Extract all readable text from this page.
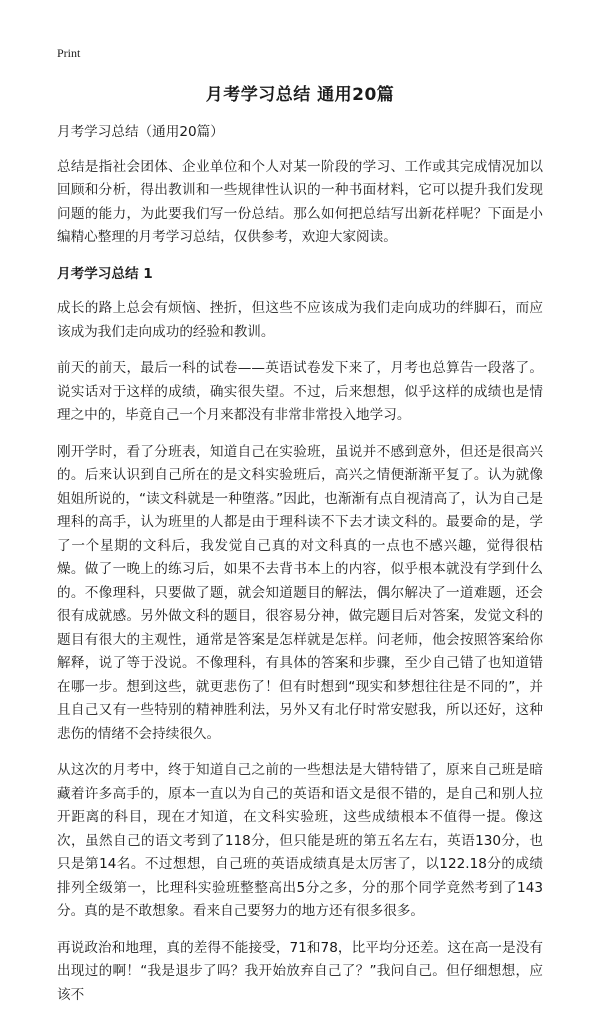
Print
月考学习总结 通用20篇

月考学习总结（通用20篇）

总结是指社会团体、企业单位和个人对某一阶段的学习、工作或其完成情况加以回顾和分析，得出教训和一些规律性认识的一种书面材料，它可以提升我们发现问题的能力，为此要我们写一份总结。那么如何把总结写出新花样呢？下面是小编精心整理的月考学习总结，仅供参考，欢迎大家阅读。

月考学习总结 1

成长的路上总会有烦恼、挫折，但这些不应该成为我们走向成功的绊脚石，而应该成为我们走向成功的经验和教训。

前天的前天，最后一科的试卷——英语试卷发下来了，月考也总算告一段落了。说实话对于这样的成绩，确实很失望。不过，后来想想，似乎这样的成绩也是情理之中的，毕竟自己一个月来都没有非常非常投入地学习。

刚开学时，看了分班表，知道自己在实验班，虽说并不感到意外，但还是很高兴的。后来认识到自己所在的是文科实验班后，高兴之情便渐渐平复了。认为就像姐姐所说的，“读文科就是一种堕落。”因此，也渐渐有点自视清高了，认为自己是理科的高手，认为班里的人都是由于理科读不下去才读文科的。最要命的是，学了一个星期的文科后，我发觉自己真的对文科真的一点也不感兴趣，觉得很枯燥。做了一晚上的练习后，如果不去背书本上的内容，似乎根本就没有学到什么的。不像理科，只要做了题，就会知道题目的解法，偶尔解决了一道难题，还会很有成就感。另外做文科的题目，很容易分神，做完题目后对答案，发觉文科的题目有很大的主观性，通常是答案是怎样就是怎样。问老师，他会按照答案给你解释，说了等于没说。不像理科，有具体的答案和步骤，至少自己错了也知道错在哪一步。想到这些，就更悲伤了！但有时想到“现实和梦想往往是不同的”，并且自己又有一些特别的精神胜利法，另外又有北仔时常安慰我，所以还好，这种悲伤的情绪不会持续很久。

从这次的月考中，终于知道自己之前的一些想法是大错特错了，原来自己班是暗藏着许多高手的，原本一直以为自己的英语和语文是很不错的，是自己和别人拉开距离的科目，现在才知道，在文科实验班，这些成绩根本不值得一提。像这次，虽然自己的语文考到了118分，但只能是班的第五名左右，英语130分，也只是第14名。不过想想，自己班的英语成绩真是太厉害了，以122.18分的成绩排列全级第一，比理科实验班整整高出5分之多，分的那个同学竟然考到了143分。真的是不敢想象。看来自己要努力的地方还有很多很多。

再说政治和地理，真的差得不能接受，71和78，比平均分还差。这在高一是没有出现过的啊！“我是退步了吗？我开始放弃自己了？”我问自己。但仔细想想，应该不
